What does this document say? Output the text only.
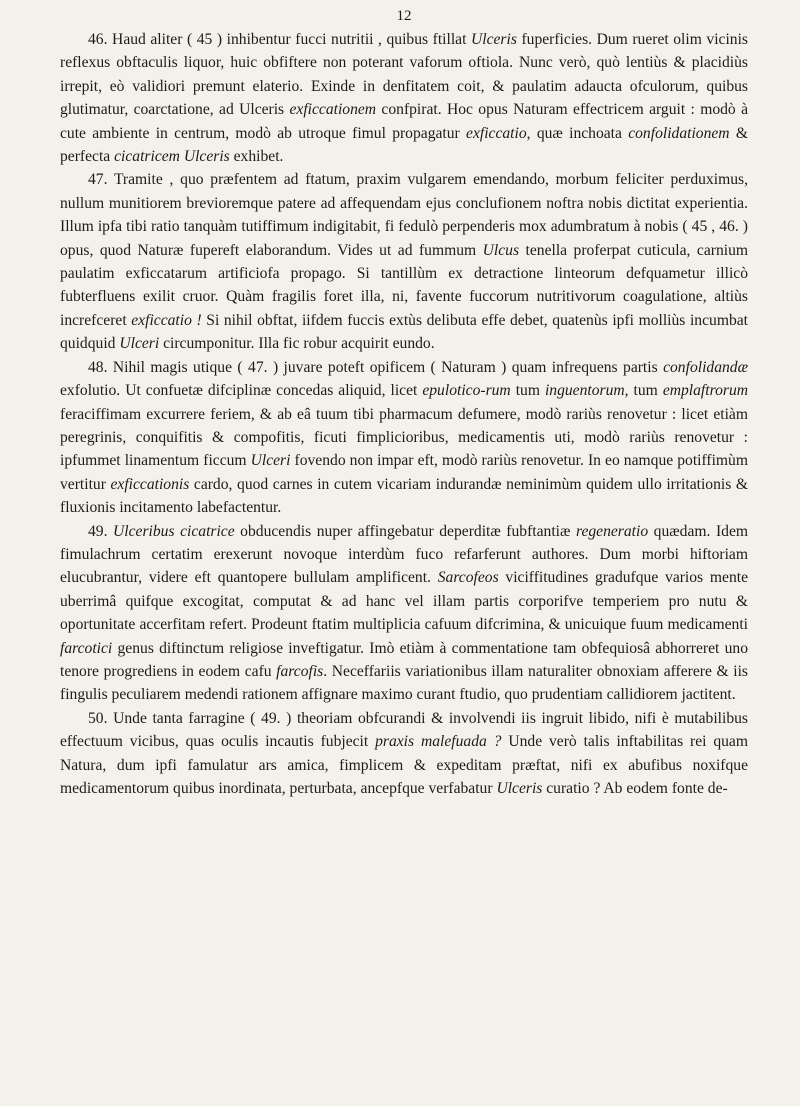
12

46. Haud aliter ( 45 ) inhibentur fucci nutritii , quibus ftillat Ulceris fuperficies. Dum rueret olim vicinis reflexus obftaculis liquor, huic obfiftere non poterant vaforum oftiola. Nunc verò, quò lentiùs & placidiùs irrepit, eò validiori premunt elaterio. Exinde in denfitatem coit, & paulatim adaucta ofculorum, quibus glutimatur, coarctatione, ad Ulceris exficcationem confpirat. Hoc opus Naturam effectricem arguit : modò à cute ambiente in centrum, modò ab utroque fimul propagatur exficcatio, quæ inchoata confolidationem & perfecta cicatricem Ulceris exhibet.

47. Tramite , quo præfentem ad ftatum, praxim vulgarem emendando, morbum feliciter perduximus, nullum munitiorem brevioremque patere ad affequendam ejus conclufionem noftra nobis dictitat experientia. Illum ipfa tibi ratio tanquàm tutiffimum indigitabit, fi fedulò perpenderis mox adumbratum à nobis ( 45 , 46. ) opus, quod Naturæ fupereft elaborandum. Vides ut ad fummum Ulcus tenella proferpat cuticula, carnium paulatim exficcatarum artificiofa propago. Si tantillùm ex detractione linteorum defquametur illicò fubterfluens exilit cruor. Quàm fragilis foret illa, ni, favente fuccorum nutritivorum coagulatione, altiùs increfceret exficcatio ! Si nihil obftat, iifdem fuccis extùs delibuta effe debet, quatenùs ipfi molliùs incumbat quidquid Ulceri circumponitur. Illa fic robur acquirit eundo.

48. Nihil magis utique ( 47. ) juvare poteft opificem ( Naturam ) quam infrequens partis confolidandæ exfolutio. Ut confuetæ difciplinæ concedas aliquid, licet epulotico-rum tum inguentorum, tum emplaftrorum feraciffimam excurrere feriem, & ab eâ tuum tibi pharmacum defumere, modò rariùs renovetur : licet etiàm peregrinis, conquifitis & compofitis, ficuti fimplicioribus, medicamentis uti, modò rariùs renovetur : ipfummet linamentum ficcum Ulceri fovendo non impar eft, modò rariùs renovetur. In eo namque potiffimùm vertitur exficcationis cardo, quod carnes in cutem vicariam indurandæ neminimùm quidem ullo irritationis & fluxionis incitamento labefactentur.

49. Ulceribus cicatrice obducendis nuper affingebatur deperditæ fubftantiæ regeneratio quædam. Idem fimulachrum certatim erexerunt novoque interdùm fuco refarferunt authores. Dum morbi hiftoriam elucubrantur, videre eft quantopere bullulam amplificent. Sarcofeos viciffitudines gradufque varios mente uberrimâ quifque excogitat, computat & ad hanc vel illam partis corporifve temperiem pro nutu & oportunitate accerfitam refert. Prodeunt ftatim multiplicia cafuum difcrimina, & unicuique fuum medicamenti farcotici genus diftinctum religiose inveftigatur. Imò etiàm à commentatione tam obfequiosâ abhorreret uno tenore progrediens in eodem cafu farcofis. Neceffariis variationibus illam naturaliter obnoxiam afferere & iis fingulis peculiarem medendi rationem affignare maximo curant ftudio, quo prudentiam callidiorem jactitent.

50. Unde tanta farragine ( 49. ) theoriam obfcurandi & involvendi iis ingruit libido, nifi è mutabilibus effectuum vicibus, quas oculis incautis fubjecit praxis malefuada ? Unde verò talis inftabilitas rei quam Natura, dum ipfi famulatur ars amica, fimplicem & expeditam præftat, nifi ex abufibus noxifque medicamentorum quibus inordinata, perturbata, ancepfque verfabatur Ulceris curatio ? Ab eodem fonte de-
